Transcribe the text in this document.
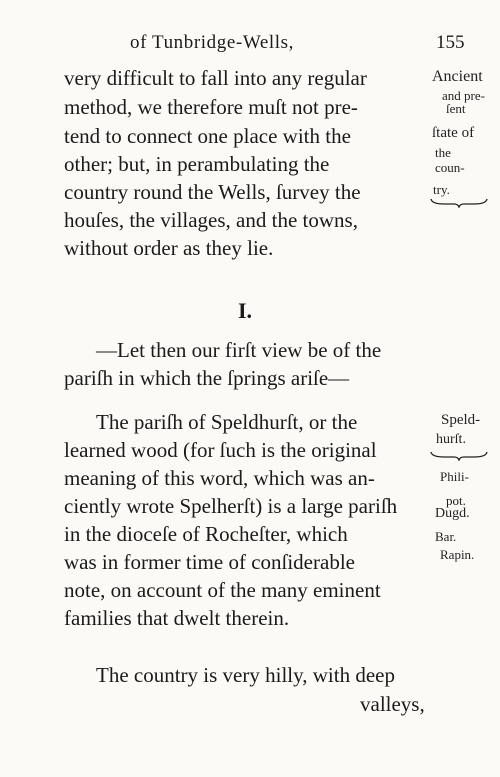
of Tunbridge-Wells,	155
very difficult to fall into any regular
method, we therefore muſt not pre-
tend to connect one place with the
other; but, in perambulating the
country round the Wells, ſurvey the
houſes, the villages, and the towns,
without order as they lie.
Ancient
and pre-
ſent
ſtate of
the
coun-
try.
I.
—Let then our firſt view be of the
pariſh in which the ſprings ariſe—
The pariſh of Speldhurſt, or the
learned wood (for ſuch is the original
meaning of this word, which was an-
ciently wrote Spelherſt) is a large pariſh
in the dioceſe of Rocheſter, which
was in former time of conſiderable
note, on account of the many eminent
families that dwelt therein.
Speld-
hurſt.
Phili-
pot.
Dugd.
Bar.
Rapin.
The country is very hilly, with deep
valleys,
